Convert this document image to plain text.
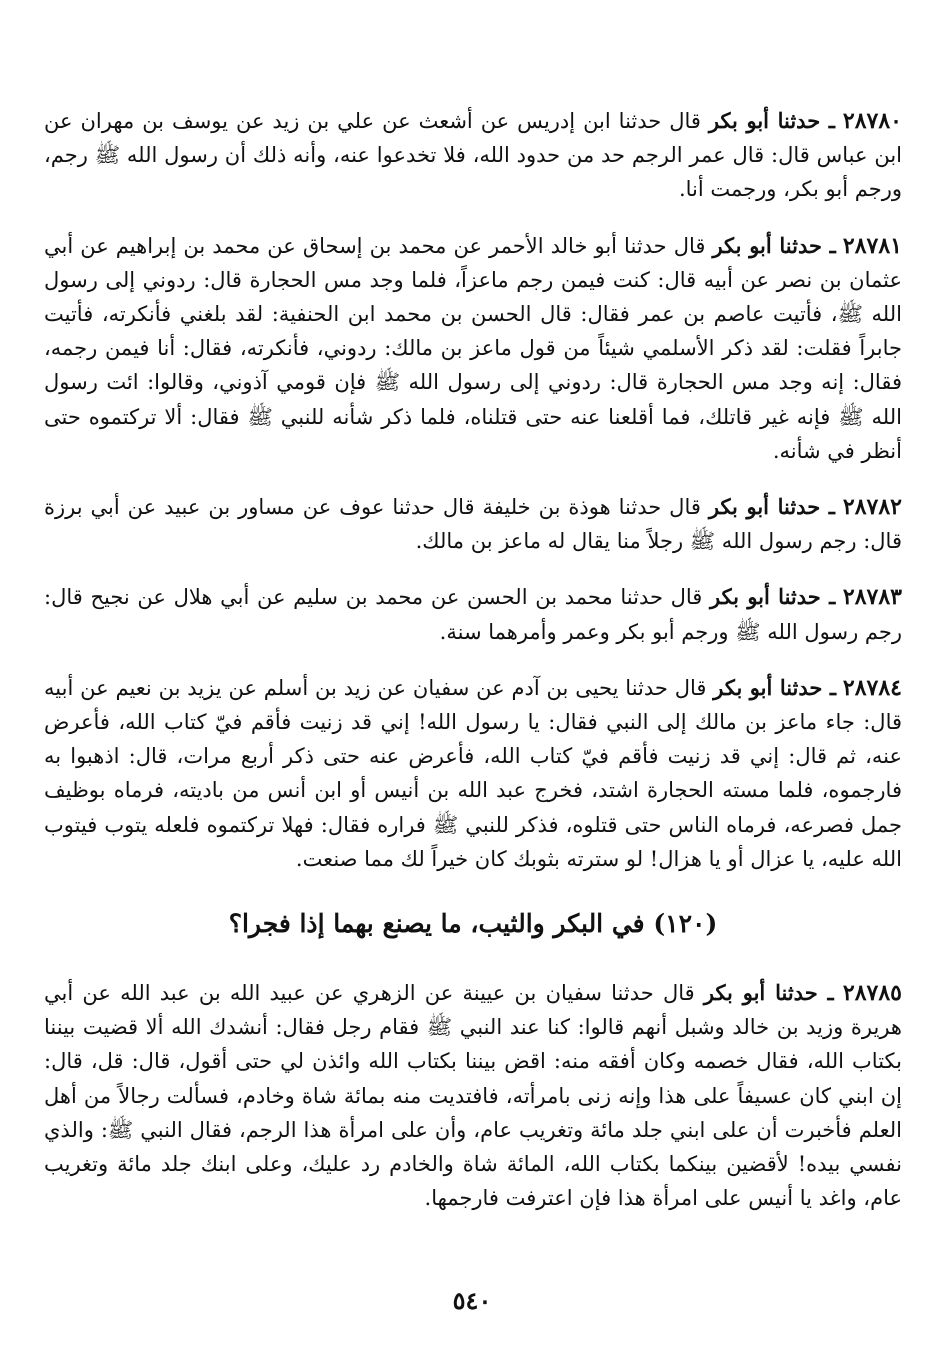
٢٨٧٨٠ ـ حدثنا أبو بكر قال حدثنا ابن إدريس عن أشعث عن علي بن زيد عن يوسف بن مهران عن ابن عباس قال: قال عمر الرجم حد من حدود الله، فلا تخدعوا عنه، وأنه ذلك أن رسول الله ﷺ رجم، ورجم أبو بكر، ورجمت أنا.

٢٨٧٨١ ـ حدثنا أبو بكر قال حدثنا أبو خالد الأحمر عن محمد بن إسحاق عن محمد بن إبراهيم عن أبي عثمان بن نصر عن أبيه قال: كنت فيمن رجم ماعزاً، فلما وجد مس الحجارة قال: ردوني إلى رسول الله ﷺ، فأتيت عاصم بن عمر فقال: قال الحسن بن محمد ابن الحنفية: لقد بلغني فأنكرته، فأتيت جابراً فقلت: لقد ذكر الأسلمي شيئاً من قول ماعز بن مالك: ردوني، فأنكرته، فقال: أنا فيمن رجمه، فقال: إنه وجد مس الحجارة قال: ردوني إلى رسول الله ﷺ فإن قومي آذوني، وقالوا: ائت رسول الله ﷺ فإنه غير قاتلك، فما أقلعنا عنه حتى قتلناه، فلما ذكر شأنه للنبي ﷺ فقال: ألا تركتموه حتى أنظر في شأنه.

٢٨٧٨٢ ـ حدثنا أبو بكر قال حدثنا هوذة بن خليفة قال حدثنا عوف عن مساور بن عبيد عن أبي برزة قال: رجم رسول الله ﷺ رجلاً منا يقال له ماعز بن مالك.

٢٨٧٨٣ ـ حدثنا أبو بكر قال حدثنا محمد بن الحسن عن محمد بن سليم عن أبي هلال عن نجيح قال: رجم رسول الله ﷺ ورجم أبو بكر وعمر وأمرهما سنة.

٢٨٧٨٤ ـ حدثنا أبو بكر قال حدثنا يحيى بن آدم عن سفيان عن زيد بن أسلم عن يزيد بن نعيم عن أبيه قال: جاء ماعز بن مالك إلى النبي فقال: يا رسول الله! إني قد زنيت فأقم فيّ كتاب الله، فأعرض عنه، ثم قال: إني قد زنيت فأقم فيّ كتاب الله، فأعرض عنه حتى ذكر أربع مرات، قال: اذهبوا به فارجموه، فلما مسته الحجارة اشتد، فخرج عبد الله بن أنيس أو ابن أنس من باديته، فرماه بوظيف جمل فصرعه، فرماه الناس حتى قتلوه، فذكر للنبي ﷺ فراره فقال: فهلا تركتموه فلعله يتوب فيتوب الله عليه، يا عزال أو يا هزال! لو سترته بثوبك كان خيراً لك مما صنعت.

(١٢٠) في البكر والثيب، ما يصنع بهما إذا فجرا؟

٢٨٧٨٥ ـ حدثنا أبو بكر قال حدثنا سفيان بن عيينة عن الزهري عن عبيد الله بن عبد الله عن أبي هريرة وزيد بن خالد وشبل أنهم قالوا: كنا عند النبي ﷺ فقام رجل فقال: أنشدك الله ألا قضيت بيننا بكتاب الله، فقال خصمه وكان أفقه منه: اقض بيننا بكتاب الله وائذن لي حتى أقول، قال: قل، قال: إن ابني كان عسيفاً على هذا وإنه زنى بامرأته، فافتديت منه بمائة شاة وخادم، فسألت رجالاً من أهل العلم فأخبرت أن على ابني جلد مائة وتغريب عام، وأن على امرأة هذا الرجم، فقال النبي ﷺ: والذي نفسي بيده! لأقضين بينكما بكتاب الله، المائة شاة والخادم رد عليك، وعلى ابنك جلد مائة وتغريب عام، واغد يا أنيس على امرأة هذا فإن اعترفت فارجمها.

٥٤٠
